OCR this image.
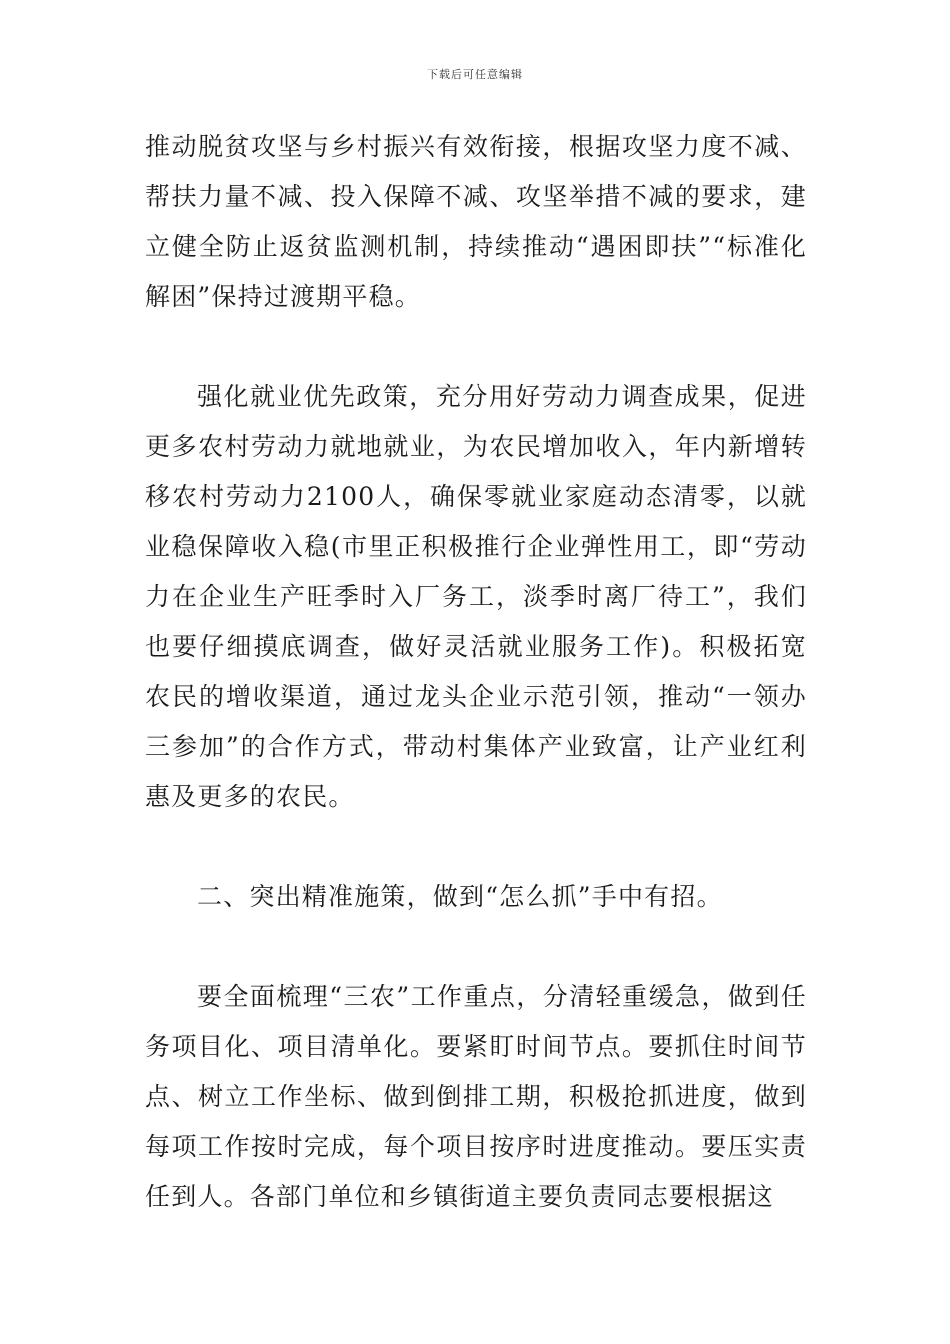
下载后可任意编辑

推动脱贫攻坚与乡村振兴有效衔接，根据攻坚力度不减、帮扶力量不减、投入保障不减、攻坚举措不减的要求，建立健全防止返贫监测机制，持续推动“遇困即扶”“标准化解困”保持过渡期平稳。

强化就业优先政策，充分用好劳动力调查成果，促进更多农村劳动力就地就业，为农民增加收入，年内新增转移农村劳动力2100人，确保零就业家庭动态清零，以就业稳保障收入稳(市里正积极推行企业弹性用工，即“劳动力在企业生产旺季时入厂务工，淡季时离厂待工”，我们也要仔细摸底调查，做好灵活就业服务工作)。积极拓宽农民的增收渠道，通过龙头企业示范引领，推动“一领办三参加”的合作方式，带动村集体产业致富，让产业红利惠及更多的农民。

二、突出精准施策，做到“怎么抓”手中有招。

要全面梳理“三农”工作重点，分清轻重缓急，做到任务项目化、项目清单化。要紧盯时间节点。要抓住时间节点、树立工作坐标、做到倒排工期，积极抢抓进度，做到每项工作按时完成，每个项目按序时进度推动。要压实责任到人。各部门单位和乡镇街道主要负责同志要根据这
